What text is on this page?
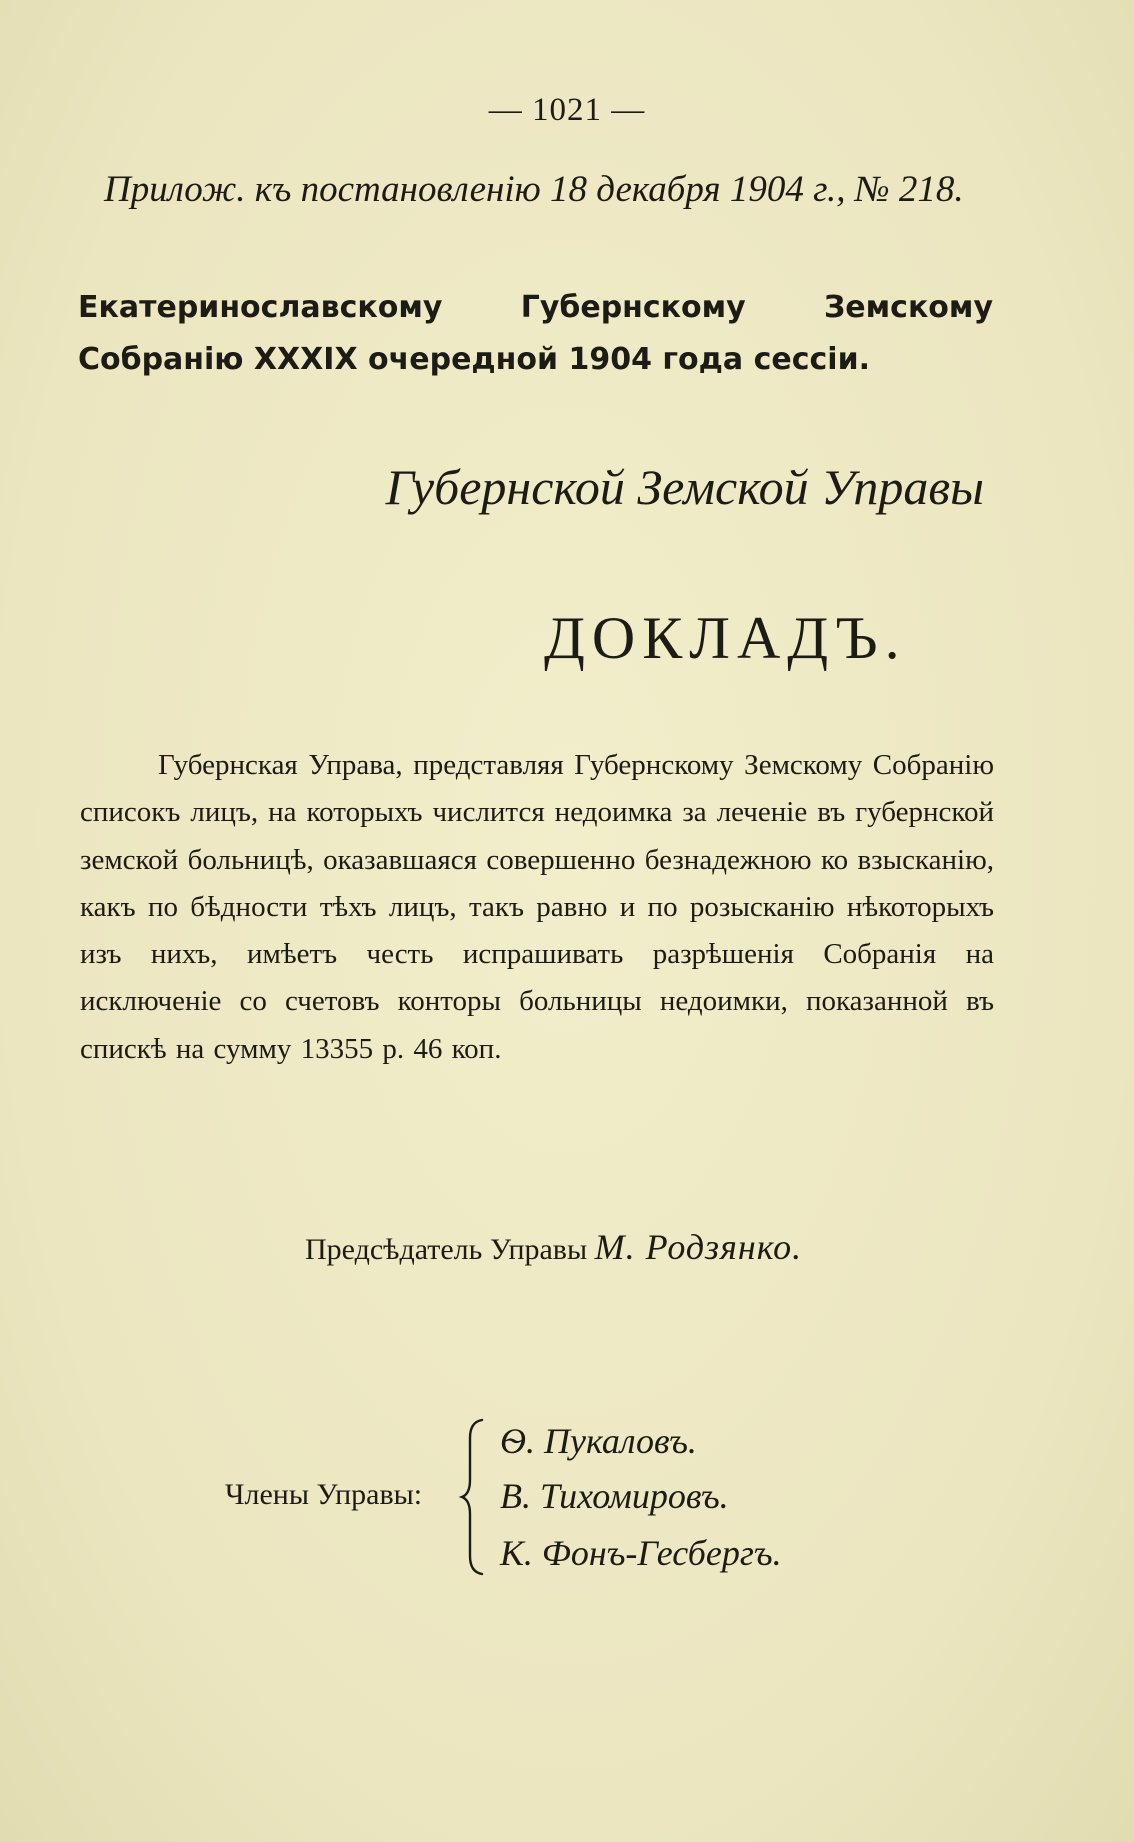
— 1021 —
Прилож. къ постановленію 18 декабря 1904 г., № 218.
Екатеринославскому Губернскому Земскому Собранію XXXIX очередной 1904 года сессіи.
Губернской Земской Управы
ДОКЛАДЪ.
Губернская Управа, представляя Губернскому Земскому Собранію списокъ лицъ, на которыхъ числится недоимка за леченіе въ губернской земской больницѣ, оказавшаяся совершенно безнадежною ко взысканію, какъ по бѣдности тѣхъ лицъ, такъ равно и по розысканію нѣкоторыхъ изъ нихъ, имѣетъ честь испрашивать разрѣшенія Собранія на исключеніе со счетовъ конторы больницы недоимки, показанной въ спискѣ на сумму 13355 р. 46 коп.
Предсѣдатель Управы М. Родзянко.
Члены Управы:
Ѳ. Пукаловъ.
В. Тихомировъ.
К. Фонъ-Гесбергъ.
